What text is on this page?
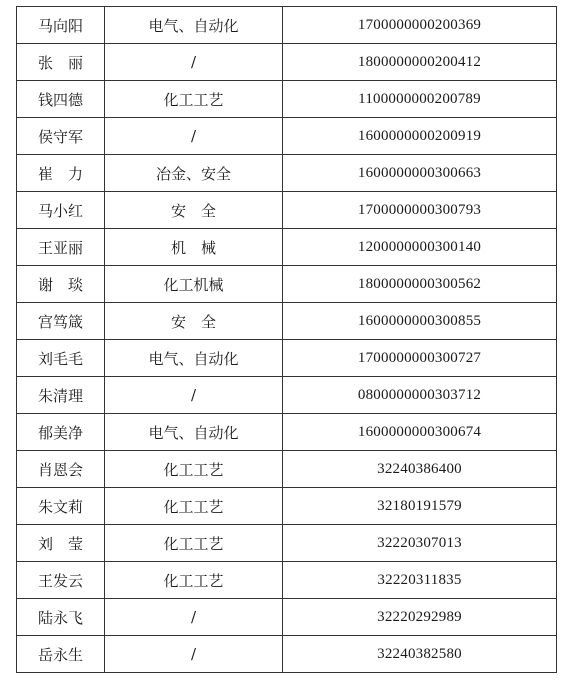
马向阳	电气、自动化	1700000000200369
张　丽	/	1800000000200412
钱四德	化工工艺	1100000000200789
侯守军	/	1600000000200919
崔　力	冶金、安全	1600000000300663
马小红	安　全	1700000000300793
王亚丽	机　械	1200000000300140
谢　琰	化工机械	1800000000300562
宫笃箴	安　全	1600000000300855
刘毛毛	电气、自动化	1700000000300727
朱清理	/	0800000000303712
郁美净	电气、自动化	1600000000300674
肖恩会	化工工艺	32240386400
朱文莉	化工工艺	32180191579
刘　莹	化工工艺	32220307013
王发云	化工工艺	32220311835
陆永飞	/	32220292989
岳永生	/	32240382580
